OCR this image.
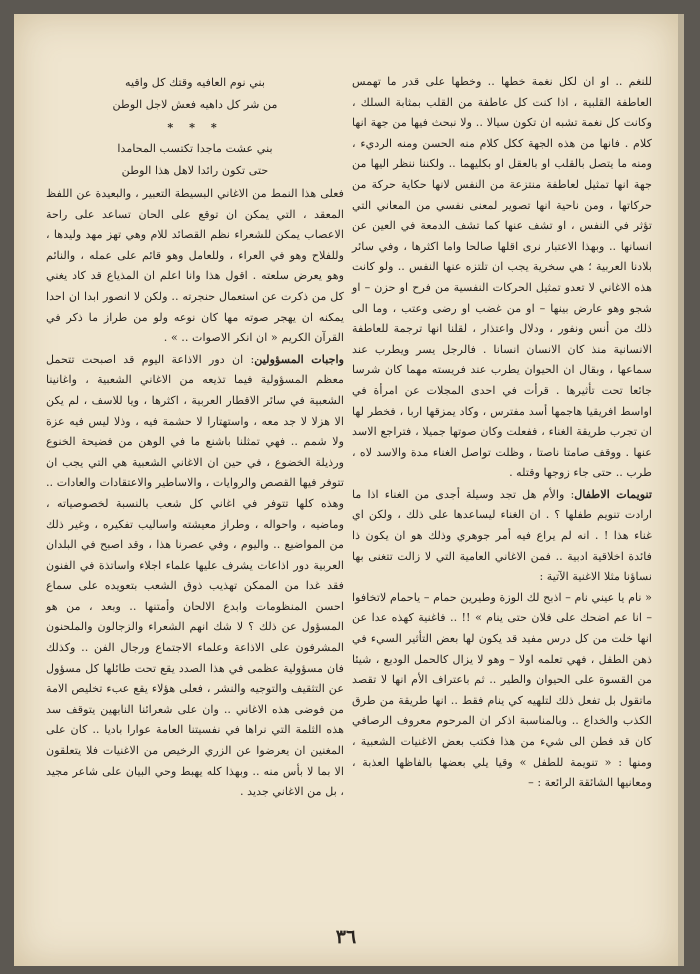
للنغم .. او ان لكل نغمة خطها .. وخطها على قدر ما تهمس العاطفة القلبية ، اذا كنت كل عاطفة من القلب بمثابة السلك ، وكانت كل نغمة تشبه ان تكون سيالا .. ولا نبحث فيها من جهة انها كلام . فانها من هذه الجهة ككل كلام منه الحسن ومنه الرديء ، ومنه ما يتصل بالقلب او بالعقل او بكليهما .. ولكننا ننظر اليها من جهة انها تمثيل لعاطفة منتزعة من النفس لانها حكاية حركة من حركاتها ، ومن ناحية انها تصوير لمعنى نفسي من المعاني التي تؤثر في النفس ، او تشف عنها كما تشف الدمعة في العين عن انسانها .. وبهذا الاعتبار نرى اقلها صالحا واما اكثرها ، وفي سائر بلادنا العربية ؛ هي سخرية يجب ان تلتزه عنها النفس .. ولو كانت هذه الاغاني لا تعدو تمثيل الحركات النفسية من فرح او حزن – او شجو وهو عارض بينها – او من غضب او رضى وعتب ، وما الى ذلك من أنس ونفور ، ودلال واعتذار ، لقلنا انها ترجمة للعاطفة الانسانية منذ كان الانسان انسانا . فالرجل يسر ويطرب عند سماعها ، وبقال ان الحيوان يطرب عند فريسته مهما كان شرسا جائعا تحت تأثيرها . قرأت في احدى المجلات عن امرأة في اواسط افريقيا هاجمها أسد مفترس ، وكاد يمزقها اربا ، فخطر لها ان تجرب طريقة الغناء ، ففعلت وكان صوتها جميلا ، فتراجع الاسد عنها . ووقف صامتا ناصتا ، وظلت تواصل الغناء مدة والاسد لاه ، طرب .. حتى جاء زوجها وقتله .

تنويمات الاطفال: والأم هل تجد وسيلة أجدى من الغناء اذا ما ارادت تنويم طفلها ؟ . ان الغناء ليساعدها على ذلك ، ولكن اي غناء هذا ! . انه لم يراع فيه أمر جوهري وذلك هو ان يكون ذا فائدة اخلاقية ادبية .. فمن الاغاني العامية التي لا زالت تتغنى بها نساؤنا مثلا الاغنية الآتية :

« نام يا عيني نام – اذبح لك الوزة وطيرين حمام – ياحمام لاتخافوا – انا عم اضحك على فلان حتى ينام » !! .. فاغنية كهذه عدا عن انها خلت من كل درس مفيد قد يكون لها بعض التأثير السيء في ذهن الطفل ، فهي تعلمه اولا – وهو لا يزال كالحمل الوديع ، شيئا من القسوة على الحيوان والطير .. ثم باعتراف الأم انها لا تقصد ماتقول بل تفعل ذلك لتلهيه كي ينام فقط .. انها طريقة من طرق الكذب والخداع .. وبالمناسبة اذكر ان المرحوم معروف الرصافي كان قد فطن الى شيء من هذا فكتب بعض الاغنيات الشعبية ، ومنها : « تنويمة للطفل » وقيا يلي بعضها بالفاظها العذبة ، ومعانيها الشائقة الرائعة : –

بني نوم العافيه وقتك كل واقيه
من شر كل داهيه فعش لاجل الوطن
* * *
بني عشت ماجدا تكتسب المحامدا
حتى تكون رائدا لاهل هذا الوطن

فعلى هذا النمط من الاغاني البسيطة التعبير ، والبعيدة عن اللفظ المعقد ، التي يمكن ان توقع على الحان تساعد على راحة الاعصاب يمكن للشعراء نظم القصائد للام وهي تهز مهد وليدها ، وللفلاح وهو في العراء ، وللعامل وهو قائم على عمله ، والنائم وهو يعرض سلعته . اقول هذا وانا اعلم ان المذياع قد كاد يغني كل من ذكرت عن استعمال حنجرته .. ولكن لا انصور ابدا ان احدا يمكنه ان يهجر صوته مها كان نوعه ولو من طراز ما ذكر في القرآن الكريم « ان انكر الاصوات .. » .

واجبات المسؤولين: ان دور الاذاعة اليوم قد اصبحت تتحمل معظم المسؤولية فيما تذيعه من الاغاني الشعبية ، واغانينا الشعبية في سائر الاقطار العربية ، اكثرها ، ويا للاسف ، لم يكن الا هزلا لا جد معه ، واستهتارا لا حشمة فيه ، وذلا ليس فيه عزة ولا شمم .. فهي تمثلنا باشنع ما في الوهن من فضيحة الخنوع ورذيلة الخضوع ، في حين ان الاغاني الشعبية هي التي يجب ان تتوفر فيها القصص والروايات ، والاساطير والاعتقادات والعادات .. وهذه كلها تتوفر في اغاني كل شعب بالنسبة لخصوصياته ، وماضيه ، واحواله ، وطراز معيشته واساليب تفكيره ، وغير ذلك من المواضيع .. واليوم ، وفي عصرنا هذا ، وقد اصبح في البلدان العربية دور اذاعات يشرف عليها علماء اجلاء واساتذة في الفنون فقد غدا من الممكن تهذيب ذوق الشعب بتعويده على سماع احسن المنظومات وابدع الالحان وأمتنها .. وبعد ، من هو المسؤول عن ذلك ؟ لا شك انهم الشعراء والزجالون والملحنون المشرفون على الاذاعة وعلماء الاجتماع ورجال الفن .. وكذلك فان مسؤولية عظمى في هذا الصدد يقع تحت طائلها كل مسؤول عن التثقيف والتوجيه والنشر ، فعلى هؤلاء يقع عبء تخليص الامة من فوضى هذه الاغاني .. وان على شعرائنا النابهين يتوقف سد هذه الثلمة التي نراها في نفسيتنا العامة عوارا باديا .. كان على المغنين ان يعرضوا عن الزري الرخيص من الاغنيات فلا يتعلقون الا بما لا بأس منه .. وبهذا كله يهبط وحي البيان على شاعر مجيد ، بل من الاغاني جديد .

٣٦
